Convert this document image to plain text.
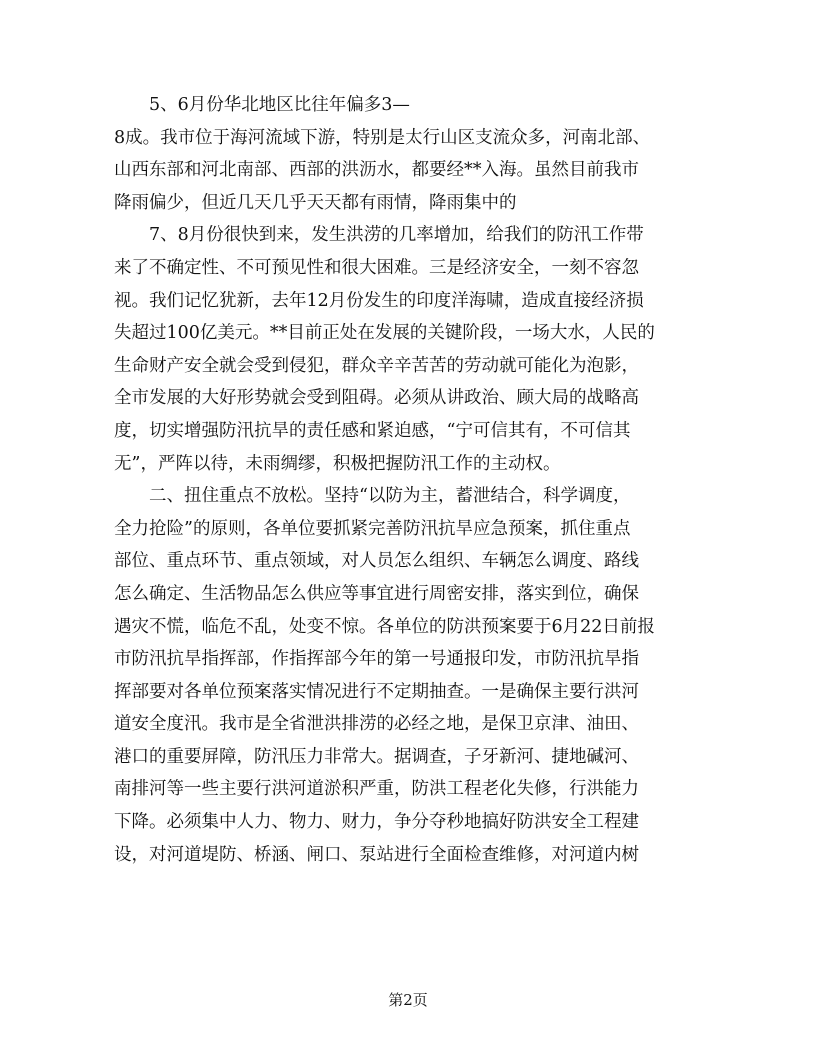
5、6月份华北地区比往年偏多3—

8成。我市位于海河流域下游，特别是太行山区支流众多，河南北部、
山西东部和河北南部、西部的洪沥水，都要经**入海。虽然目前我市
降雨偏少，但近几天几乎天天都有雨情，降雨集中的

7、8月份很快到来，发生洪涝的几率增加，给我们的防汛工作带
来了不确定性、不可预见性和很大困难。三是经济安全，一刻不容忽
视。我们记忆犹新，去年12月份发生的印度洋海啸，造成直接经济损
失超过100亿美元。**目前正处在发展的关键阶段，一场大水，人民的
生命财产安全就会受到侵犯，群众辛辛苦苦的劳动就可能化为泡影，
全市发展的大好形势就会受到阻碍。必须从讲政治、顾大局的战略高
度，切实增强防汛抗旱的责任感和紧迫感，“宁可信其有，不可信其
无”，严阵以待，未雨绸缪，积极把握防汛工作的主动权。

二、扭住重点不放松。坚持“以防为主，蓄泄结合，科学调度，
全力抢险”的原则，各单位要抓紧完善防汛抗旱应急预案，抓住重点
部位、重点环节、重点领域，对人员怎么组织、车辆怎么调度、路线
怎么确定、生活物品怎么供应等事宜进行周密安排，落实到位，确保
遇灾不慌，临危不乱，处变不惊。各单位的防洪预案要于6月22日前报
市防汛抗旱指挥部，作指挥部今年的第一号通报印发，市防汛抗旱指
挥部要对各单位预案落实情况进行不定期抽查。一是确保主要行洪河
道安全度汛。我市是全省泄洪排涝的必经之地，是保卫京津、油田、
港口的重要屏障，防汛压力非常大。据调查，子牙新河、捷地碱河、
南排河等一些主要行洪河道淤积严重，防洪工程老化失修，行洪能力
下降。必须集中人力、物力、财力，争分夺秒地搞好防洪安全工程建
设，对河道堤防、桥涵、闸口、泵站进行全面检查维修，对河道内树

第2页
